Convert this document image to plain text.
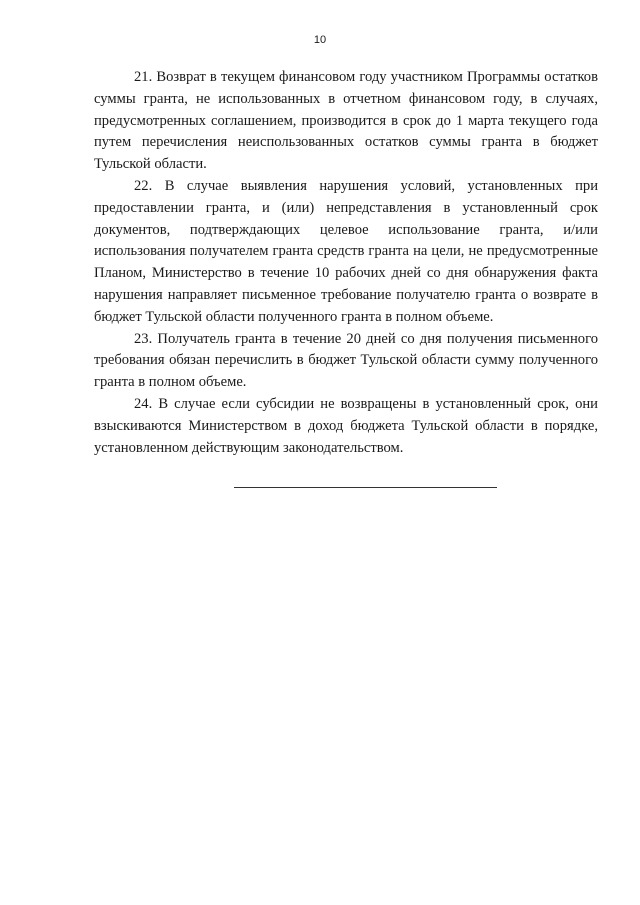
10

21. Возврат в текущем финансовом году участником Программы остатков суммы гранта, не использованных в отчетном финансовом году, в случаях, предусмотренных соглашением, производится в срок до 1 марта текущего года путем перечисления неиспользованных остатков суммы гранта в бюджет Тульской области.

22. В случае выявления нарушения условий, установленных при предоставлении гранта, и (или) непредставления в установленный срок документов, подтверждающих целевое использование гранта, и/или использования получателем гранта средств гранта на цели, не предусмотренные Планом, Министерство в течение 10 рабочих дней со дня обнаружения факта нарушения направляет письменное требование получателю гранта о возврате в бюджет Тульской области полученного гранта в полном объеме.

23. Получатель гранта в течение 20 дней со дня получения письменного требования обязан перечислить в бюджет Тульской области сумму полученного гранта в полном объеме.

24. В случае если субсидии не возвращены в установленный срок, они взыскиваются Министерством в доход бюджета Тульской области в порядке, установленном действующим законодательством.
